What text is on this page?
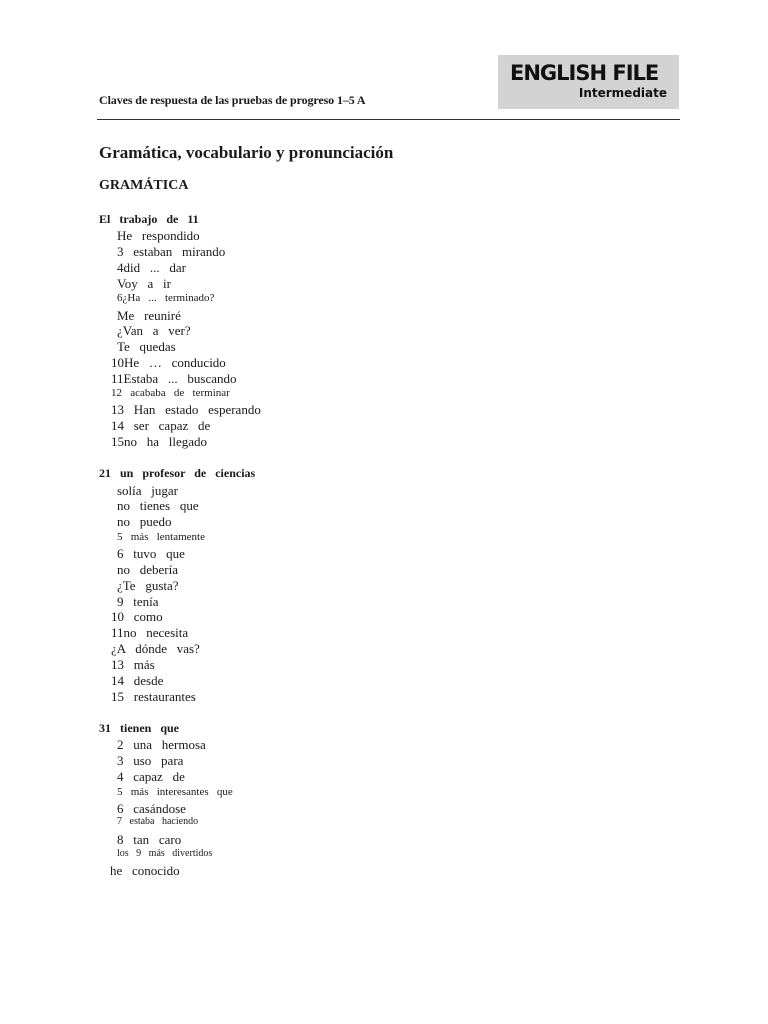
Claves de respuesta de las pruebas de progreso 1–5 A
ENGLISH FILE
Intermediate
Gramática, vocabulario y pronunciación
GRAMÁTICA
El   trabajo   de   11
He   respondido
3   estaban   mirando
4did   ...   dar
Voy   a   ir
6¿Ha   ...   terminado?
Me   reuniré
¿Van   a   ver?
Te   quedas
10He   …   conducido
11Estaba   ...   buscando
12   acababa   de   terminar
13   Han   estado   esperando
14   ser   capaz   de
15no   ha   llegado
21   un   profesor   de   ciencias
solía   jugar
no   tienes   que
no   puedo
5   más   lentamente
6   tuvo   que
no   debería
¿Te   gusta?
9   tenía
10   como
11no   necesita
¿A   dónde   vas?
13   más
14   desde
15   restaurantes
31   tienen   que
2   una   hermosa
3   uso   para
4   capaz   de
5   más   interesantes   que
6   casándose
7   estaba   haciendo
8   tan   caro
los   9   más   divertidos
he   conocido
